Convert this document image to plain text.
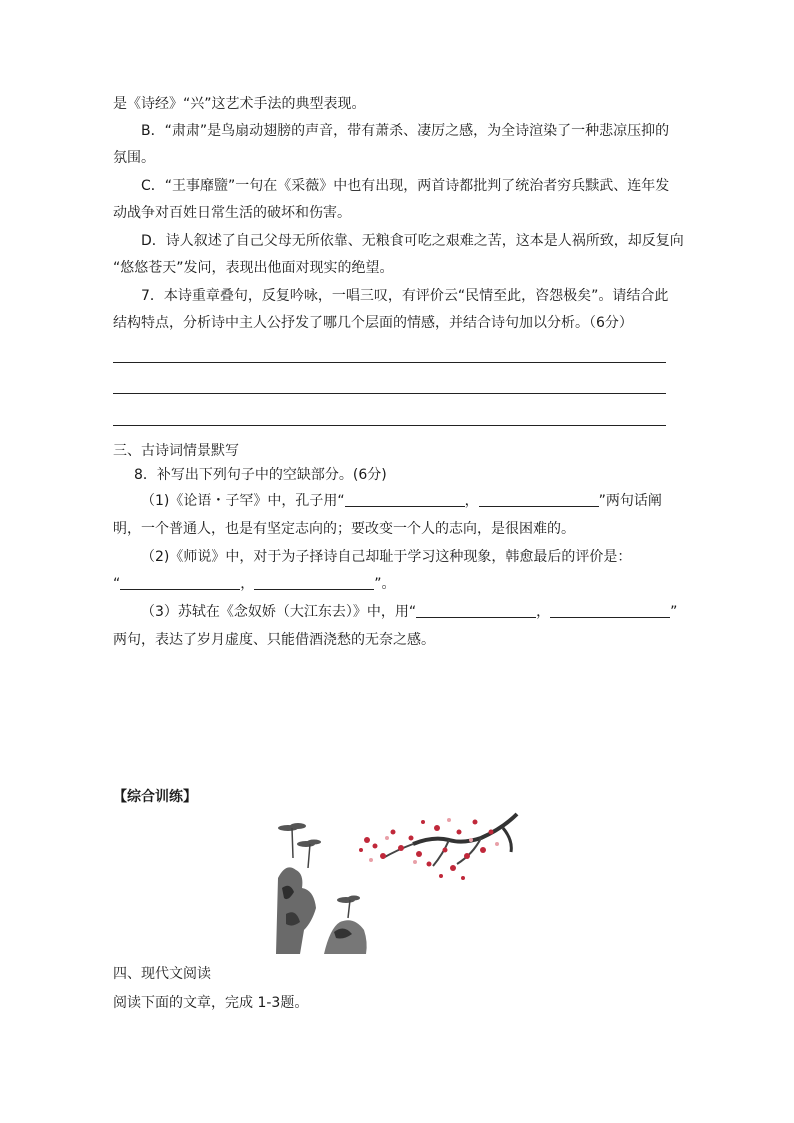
是《诗经》“兴”这艺术手法的典型表现。
B．“肃肃”是鸟扇动翅膀的声音，带有萧杀、凄厉之感，为全诗渲染了一种悲凉压抑的
氛围。
C．“王事靡盬”一句在《采薇》中也有出现，两首诗都批判了统治者穷兵黩武、连年发
动战争对百姓日常生活的破坏和伤害。
D．诗人叙述了自己父母无所依靠、无粮食可吃之艰难之苦，这本是人祸所致，却反复向
“悠悠苍天”发问，表现出他面对现实的绝望。
7．本诗重章叠句，反复吟咏，一唱三叹，有评价云“民情至此，咨怨极矣”。请结合此
结构特点，分析诗中主人公抒发了哪几个层面的情感，并结合诗句加以分析。（6分）
三、古诗词情景默写
8．补写出下列句子中的空缺部分。(6分)
（1)《论语・子罕》中，孔子用“	，	”两句话阐
明，一个普通人，也是有坚定志向的；要改变一个人的志向，是很困难的。
（2)《师说》中，对于为子择诗自己却耻于学习这种现象，韩愈最后的评价是：
“	，	”。
（3）苏轼在《念奴娇（大江东去）》中，用“	，	”
两句，表达了岁月虚度、只能借酒浇愁的无奈之感。
【综合训练】
四、现代文阅读
阅读下面的文章，完成 1-3题。
